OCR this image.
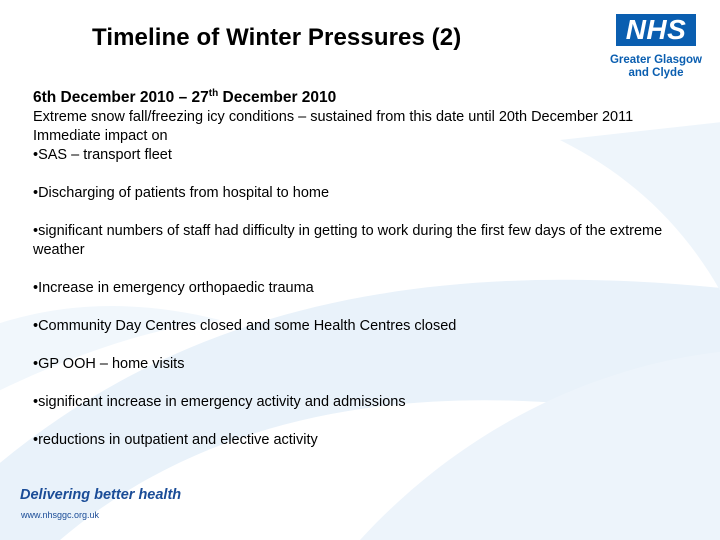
Timeline of Winter Pressures (2)	NHS
Greater Glasgow
and Clyde
6th December 2010 – 27th December 2010

Extreme snow fall/freezing icy conditions – sustained from this date until 20th December 2011

Immediate impact on

•SAS – transport fleet

•Discharging of patients from hospital to home

•significant numbers of staff had difficulty in getting to work during the first few days of the extreme weather

•Increase in emergency orthopaedic trauma

•Community Day Centres closed and some Health Centres closed

•GP OOH – home visits

•significant increase in emergency activity and admissions

•reductions in outpatient and elective activity

Delivering better health
www.nhsggc.org.uk
